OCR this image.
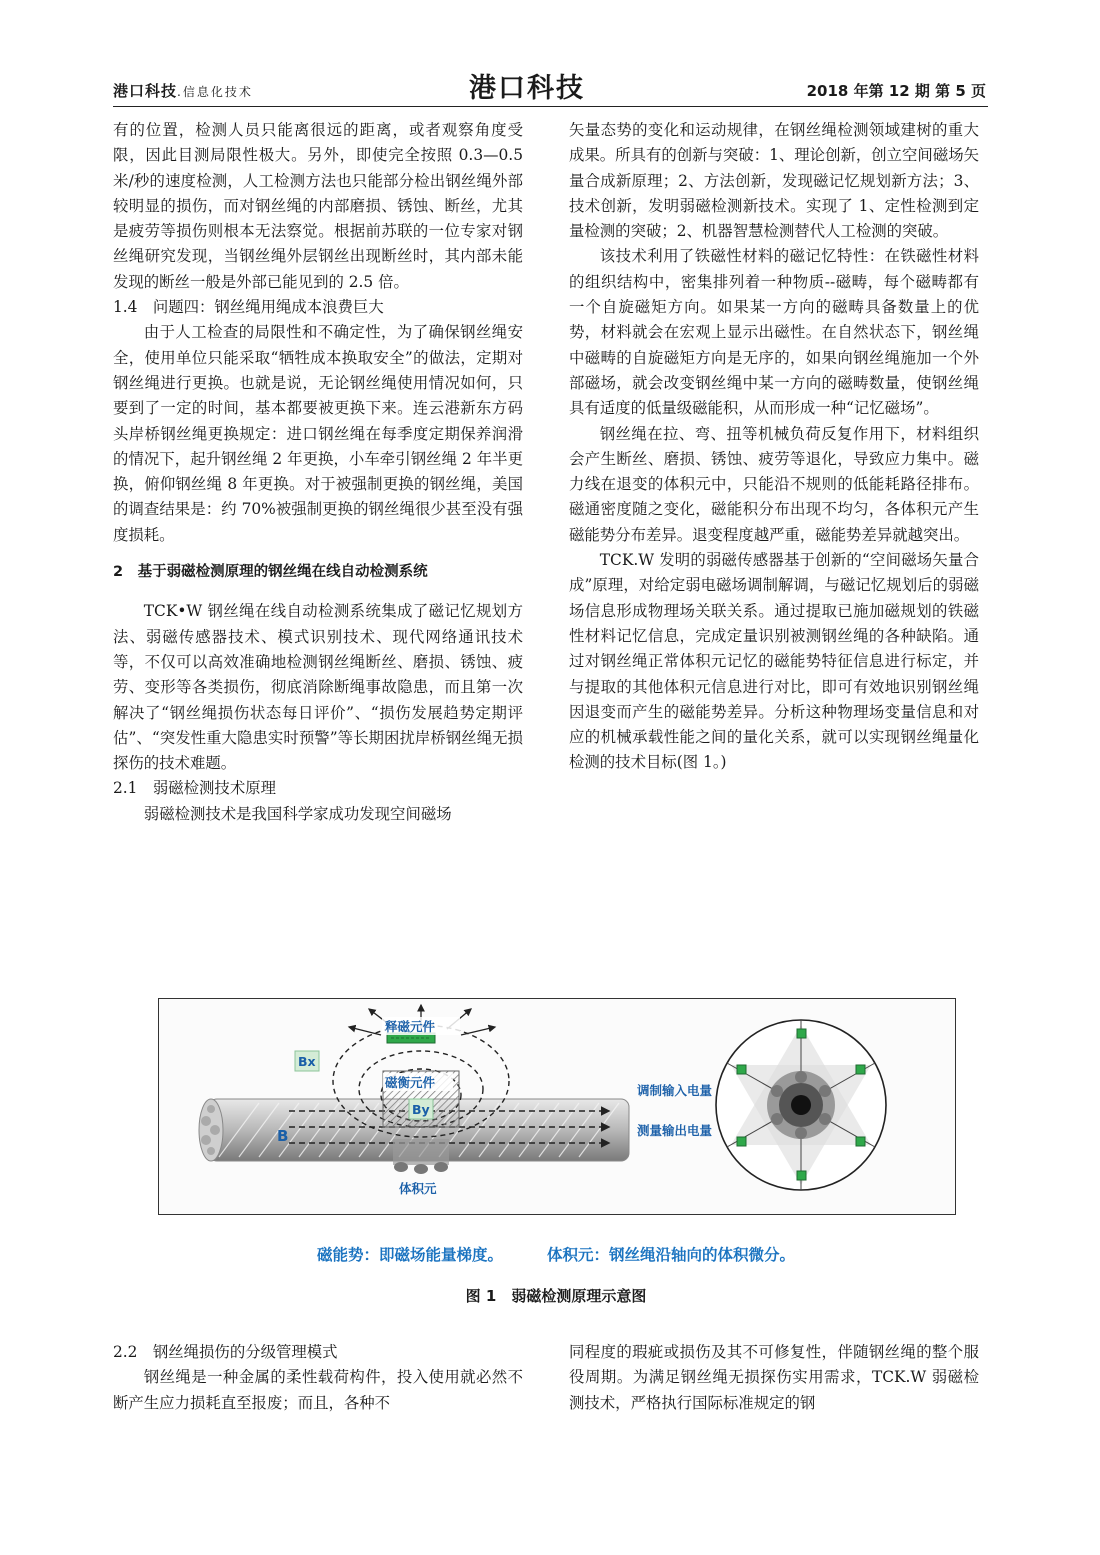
港口科技.信息化技术	港口科技	2018 年第 12 期 第 5 页

有的位置，检测人员只能离很远的距离，或者观察角度受限，因此目测局限性极大。另外，即使完全按照 0.3—0.5 米/秒的速度检测，人工检测方法也只能部分检出钢丝绳外部较明显的损伤，而对钢丝绳的内部磨损、锈蚀、断丝，尤其是疲劳等损伤则根本无法察觉。根据前苏联的一位专家对钢丝绳研究发现，当钢丝绳外层钢丝出现断丝时，其内部未能发现的断丝一般是外部已能见到的 2.5 倍。

1.4　问题四：钢丝绳用绳成本浪费巨大

由于人工检查的局限性和不确定性，为了确保钢丝绳安全，使用单位只能采取“牺牲成本换取安全”的做法，定期对钢丝绳进行更换。也就是说，无论钢丝绳使用情况如何，只要到了一定的时间，基本都要被更换下来。连云港新东方码头岸桥钢丝绳更换规定：进口钢丝绳在每季度定期保养润滑的情况下，起升钢丝绳 2 年更换，小车牵引钢丝绳 2 年半更换，俯仰钢丝绳 8 年更换。对于被强制更换的钢丝绳，美国的调查结果是：约 70%被强制更换的钢丝绳很少甚至没有强度损耗。

2　基于弱磁检测原理的钢丝绳在线自动检测系统

TCK•W 钢丝绳在线自动检测系统集成了磁记忆规划方法、弱磁传感器技术、模式识别技术、现代网络通讯技术等，不仅可以高效准确地检测钢丝绳断丝、磨损、锈蚀、疲劳、变形等各类损伤，彻底消除断绳事故隐患，而且第一次解决了“钢丝绳损伤状态每日评价”、“损伤发展趋势定期评估”、“突发性重大隐患实时预警”等长期困扰岸桥钢丝绳无损探伤的技术难题。

2.1　弱磁检测技术原理

弱磁检测技术是我国科学家成功发现空间磁场

矢量态势的变化和运动规律，在钢丝绳检测领域建树的重大成果。所具有的创新与突破：1、理论创新，创立空间磁场矢量合成新原理；2、方法创新，发现磁记忆规划新方法；3、技术创新，发明弱磁检测新技术。实现了 1、定性检测到定量检测的突破；2、机器智慧检测替代人工检测的突破。

该技术利用了铁磁性材料的磁记忆特性：在铁磁性材料的组织结构中，密集排列着一种物质--磁畴，每个磁畴都有一个自旋磁矩方向。如果某一方向的磁畴具备数量上的优势，材料就会在宏观上显示出磁性。在自然状态下，钢丝绳中磁畴的自旋磁矩方向是无序的，如果向钢丝绳施加一个外部磁场，就会改变钢丝绳中某一方向的磁畴数量，使钢丝绳具有适度的低量级磁能积，从而形成一种“记忆磁场”。

钢丝绳在拉、弯、扭等机械负荷反复作用下，材料组织会产生断丝、磨损、锈蚀、疲劳等退化，导致应力集中。磁力线在退变的体积元中，只能沿不规则的低能耗路径排布。磁通密度随之变化，磁能积分布出现不均匀，各体积元产生磁能势分布差异。退变程度越严重，磁能势差异就越突出。

TCK.W 发明的弱磁传感器基于创新的“空间磁场矢量合成”原理，对给定弱电磁场调制解调，与磁记忆规划后的弱磁场信息形成物理场关联关系。通过提取已施加磁规划的铁磁性材料记忆信息，完成定量识别被测钢丝绳的各种缺陷。通过对钢丝绳正常体积元记忆的磁能势特征信息进行标定，并与提取的其他体积元信息进行对比，即可有效地识别钢丝绳因退变而产生的磁能势差异。分析这种物理场变量信息和对应的机械承载性能之间的量化关系，就可以实现钢丝绳量化检测的技术目标(图 1。)

释磁元件
磁衡元件
Bx
By
B
体积元
调制输入电量
测量输出电量
磁能势：即磁场能量梯度。	体积元：钢丝绳沿轴向的体积微分。
图 1　弱磁检测原理示意图

2.2　钢丝绳损伤的分级管理模式

钢丝绳是一种金属的柔性载荷构件，投入使用就必然不断产生应力损耗直至报废；而且，各种不

同程度的瑕疵或损伤及其不可修复性，伴随钢丝绳的整个服役周期。为满足钢丝绳无损探伤实用需求，TCK.W 弱磁检测技术，严格执行国际标准规定的钢
